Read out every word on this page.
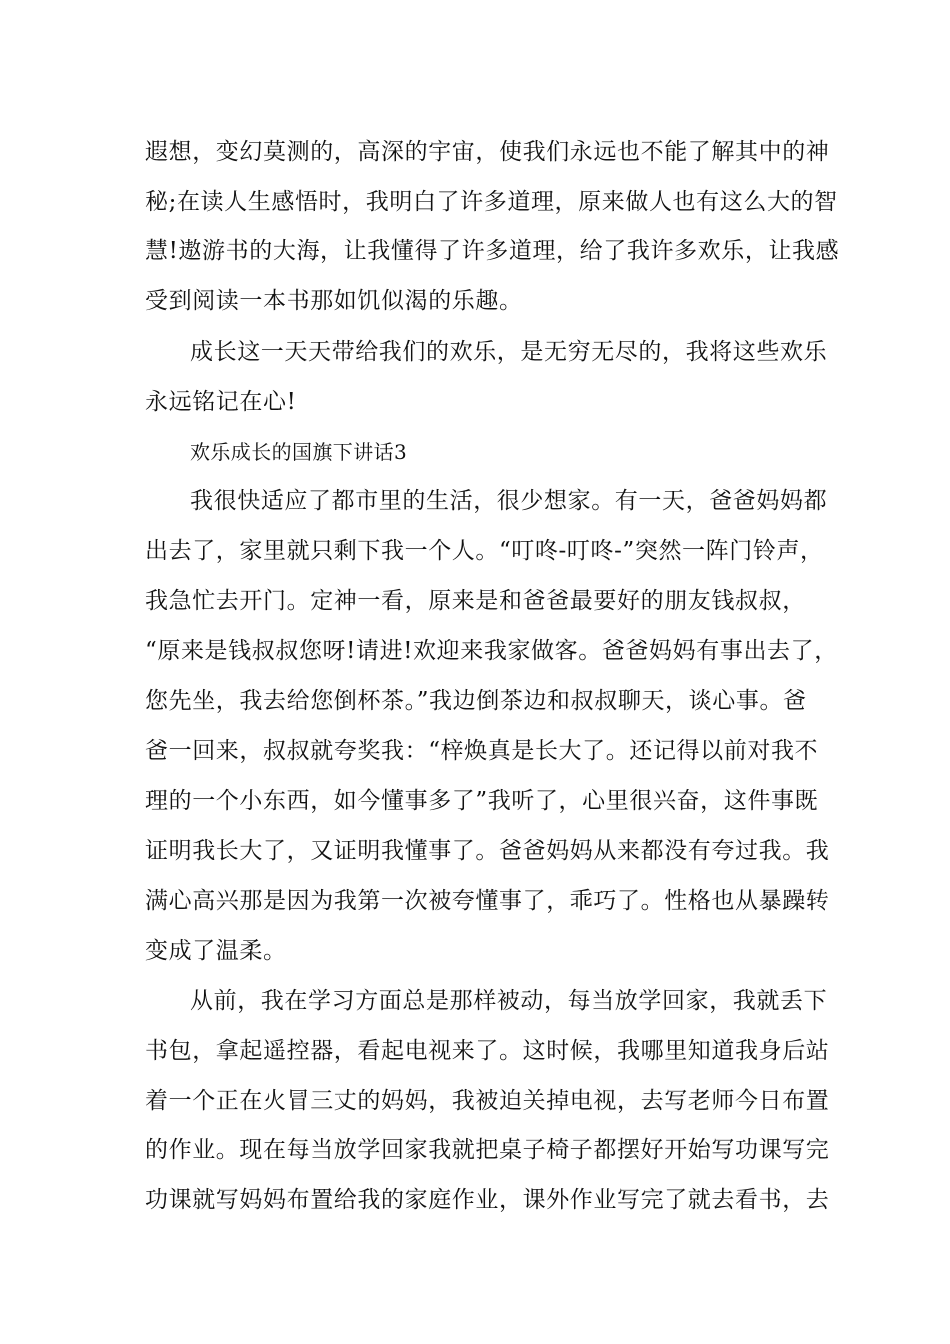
遐想，变幻莫测的，高深的宇宙，使我们永远也不能了解其中的神
秘;在读人生感悟时，我明白了许多道理，原来做人也有这么大的智
慧!遨游书的大海，让我懂得了许多道理，给了我许多欢乐，让我感
受到阅读一本书那如饥似渴的乐趣。
成长这一天天带给我们的欢乐，是无穷无尽的，我将这些欢乐
永远铭记在心!
欢乐成长的国旗下讲话3
我很快适应了都市里的生活，很少想家。有一天，爸爸妈妈都
出去了，家里就只剩下我一个人。“叮咚-叮咚-”突然一阵门铃声，
我急忙去开门。定神一看，原来是和爸爸最要好的朋友钱叔叔，
“原来是钱叔叔您呀!请进!欢迎来我家做客。爸爸妈妈有事出去了，
您先坐，我去给您倒杯茶。”我边倒茶边和叔叔聊天，谈心事。爸
爸一回来，叔叔就夸奖我：“梓焕真是长大了。还记得以前对我不
理的一个小东西，如今懂事多了”我听了，心里很兴奋，这件事既
证明我长大了，又证明我懂事了。爸爸妈妈从来都没有夸过我。我
满心高兴那是因为我第一次被夸懂事了，乖巧了。性格也从暴躁转
变成了温柔。
从前，我在学习方面总是那样被动，每当放学回家，我就丢下
书包，拿起遥控器，看起电视来了。这时候，我哪里知道我身后站
着一个正在火冒三丈的妈妈，我被迫关掉电视，去写老师今日布置
的作业。现在每当放学回家我就把桌子椅子都摆好开始写功课写完
功课就写妈妈布置给我的家庭作业，课外作业写完了就去看书，去
